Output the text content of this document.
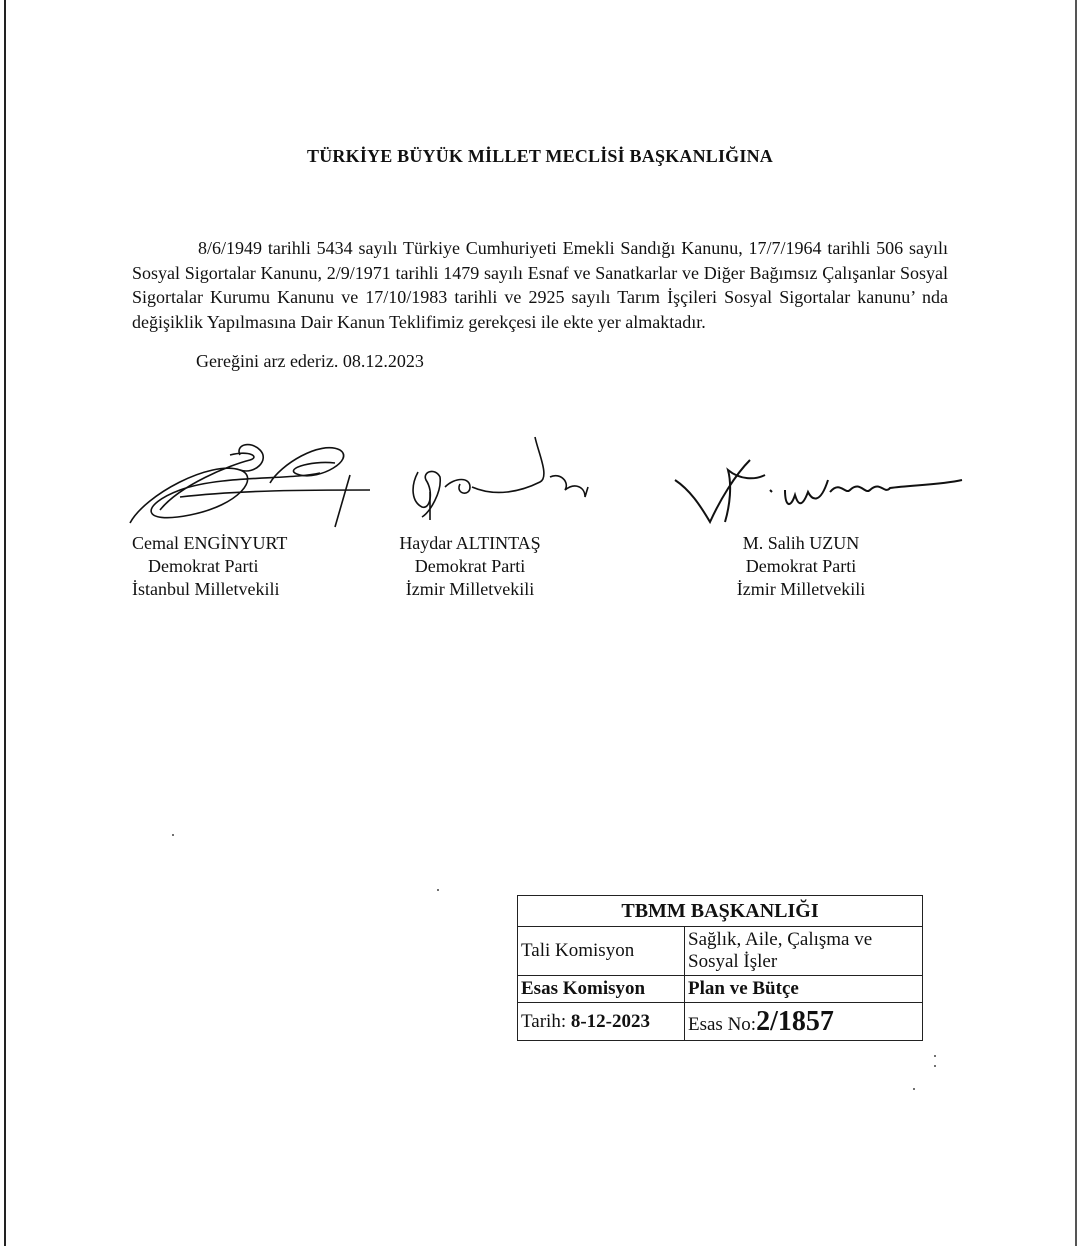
TÜRKİYE BÜYÜK MİLLET MECLİSİ BAŞKANLIĞINA

8/6/1949 tarihli 5434 sayılı Türkiye Cumhuriyeti Emekli Sandığı Kanunu, 17/7/1964 tarihli 506 sayılı Sosyal Sigortalar Kanunu, 2/9/1971 tarihli 1479 sayılı Esnaf ve Sanatkarlar ve Diğer Bağımsız Çalışanlar Sosyal Sigortalar Kurumu Kanunu ve 17/10/1983 tarihli ve 2925 sayılı Tarım İşçileri Sosyal Sigortalar kanunu’ nda değişiklik Yapılmasına Dair Kanun Teklifimiz gerekçesi ile ekte yer almaktadır.

Gereğini arz ederiz. 08.12.2023
Cemal ENGİNYURT
Demokrat Parti
İstanbul Milletvekili
Haydar ALTINTAŞ
Demokrat Parti
İzmir Milletvekili
M. Salih UZUN
Demokrat Parti
İzmir Milletvekili
TBMM BAŞKANLIĞI	
Tali Komisyon	Sağlık, Aile, Çalışma ve
Sosyal İşler

Esas Komisyon	Plan ve Bütçe
Tarih: 8-12-2023	Esas No:2/1857
